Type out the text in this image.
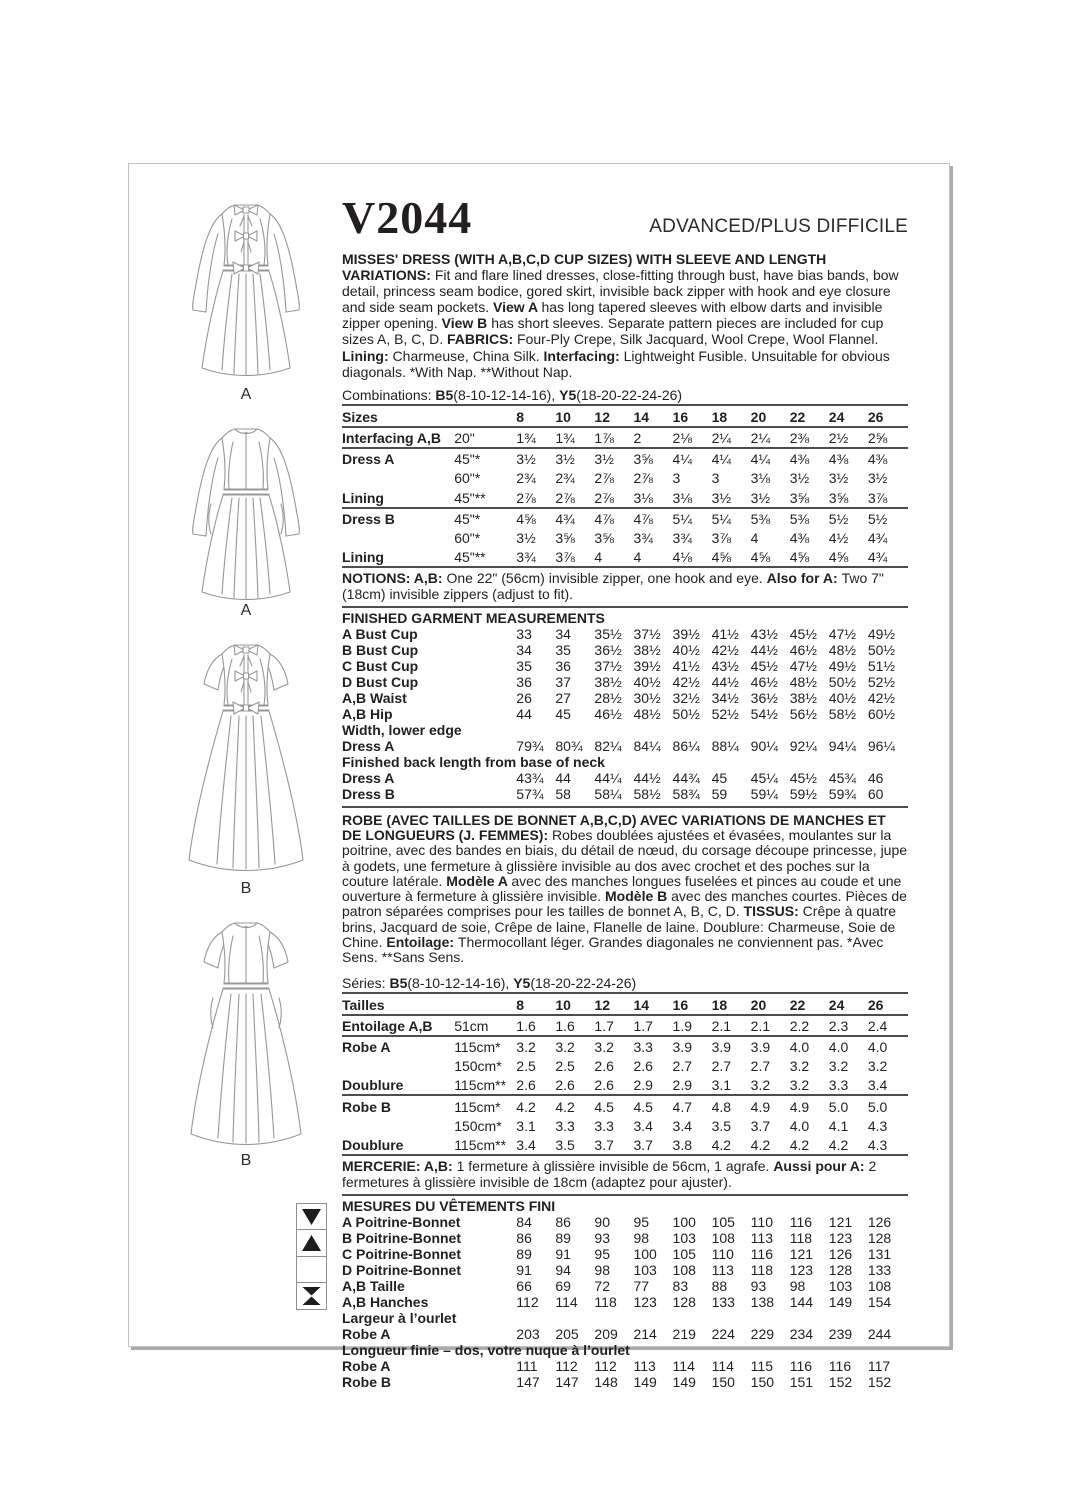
A
A
B
B
V2044	ADVANCED/PLUS DIFFICILE

MISSES' DRESS (WITH A,B,C,D CUP SIZES) WITH SLEEVE AND LENGTH VARIATIONS: Fit and flare lined dresses, close-fitting through bust, have bias bands, bow detail, princess seam bodice, gored skirt, invisible back zipper with hook and eye closure and side seam pockets. View A has long tapered sleeves with elbow darts and invisible zipper opening. View B has short sleeves. Separate pattern pieces are included for cup sizes A, B, C, D. FABRICS: Four-Ply Crepe, Silk Jacquard, Wool Crepe, Wool Flannel. Lining: Charmeuse, China Silk. Interfacing: Lightweight Fusible. Unsuitable for obvious diagonals. *With Nap. **Without Nap.

Combinations: B5(8-10-12-14-16), Y5(18-20-22-24-26)

Sizes		8	10	12	14	16	18	20	22	24	26
Interfacing A,B	20"	1¾	1¾	1⅞	2	2⅛	2¼	2¼	2⅜	2½	2⅝
Dress A	45"*	3½	3½	3½	3⅝	4¼	4¼	4¼	4⅜	4⅜	4⅜
	60"*	2¾	2¾	2⅞	2⅞	3	3	3⅛	3½	3½	3½
Lining	45"**	2⅞	2⅞	2⅞	3⅛	3⅛	3½	3½	3⅝	3⅝	3⅞
Dress B	45"*	4⅝	4¾	4⅞	4⅞	5¼	5¼	5⅜	5⅜	5½	5½
	60"*	3½	3⅝	3⅝	3¾	3¾	3⅞	4	4⅜	4½	4¾
Lining	45"**	3¾	3⅞	4	4	4⅛	4⅝	4⅝	4⅝	4⅝	4¾

NOTIONS: A,B: One 22" (56cm) invisible zipper, one hook and eye. Also for A: Two 7" (18cm) invisible zippers (adjust to fit).

FINISHED GARMENT MEASUREMENTS
A Bust Cup	33	34	35½	37½	39½	41½	43½	45½	47½	49½
B Bust Cup	34	35	36½	38½	40½	42½	44½	46½	48½	50½
C Bust Cup	35	36	37½	39½	41½	43½	45½	47½	49½	51½
D Bust Cup	36	37	38½	40½	42½	44½	46½	48½	50½	52½
A,B Waist	26	27	28½	30½	32½	34½	36½	38½	40½	42½
A,B Hip	44	45	46½	48½	50½	52½	54½	56½	58½	60½
Width, lower edge										
Dress A	79¾	80¾	82¼	84¼	86¼	88¼	90¼	92¼	94¼	96¼
Finished back length from base of neck										
Dress A	43¾	44	44¼	44½	44¾	45	45¼	45½	45¾	46
Dress B	57¾	58	58¼	58½	58¾	59	59¼	59½	59¾	60

ROBE (AVEC TAILLES DE BONNET A,B,C,D) AVEC VARIATIONS DE MANCHES ET DE LONGUEURS (J. FEMMES): Robes doublées ajustées et évasées, moulantes sur la poitrine, avec des bandes en biais, du détail de nœud, du corsage découpe princesse, jupe à godets, une fermeture à glissière invisible au dos avec crochet et des poches sur la couture latérale. Modèle A avec des manches longues fuselées et pinces au coude et une ouverture à fermeture à glissière invisible. Modèle B avec des manches courtes. Pièces de patron séparées comprises pour les tailles de bonnet A, B, C, D. TISSUS: Crêpe à quatre brins, Jacquard de soie, Crêpe de laine, Flanelle de laine. Doublure: Charmeuse, Soie de Chine. Entoilage: Thermocollant léger. Grandes diagonales ne conviennent pas. *Avec Sens. **Sans Sens.

Séries: B5(8-10-12-14-16), Y5(18-20-22-24-26)

Tailles		8	10	12	14	16	18	20	22	24	26
Entoilage A,B	51cm	1.6	1.6	1.7	1.7	1.9	2.1	2.1	2.2	2.3	2.4
Robe A	115cm*	3.2	3.2	3.2	3.3	3.9	3.9	3.9	4.0	4.0	4.0
	150cm*	2.5	2.5	2.6	2.6	2.7	2.7	2.7	3.2	3.2	3.2
Doublure	115cm**	2.6	2.6	2.6	2.9	2.9	3.1	3.2	3.2	3.3	3.4
Robe B	115cm*	4.2	4.2	4.5	4.5	4.7	4.8	4.9	4.9	5.0	5.0
	150cm*	3.1	3.3	3.3	3.4	3.4	3.5	3.7	4.0	4.1	4.3
Doublure	115cm**	3.4	3.5	3.7	3.7	3.8	4.2	4.2	4.2	4.2	4.3

MERCERIE: A,B: 1 fermeture à glissière invisible de 56cm, 1 agrafe. Aussi pour A: 2 fermetures à glissière invisible de 18cm (adaptez pour ajuster).

MESURES DU VÊTEMENTS FINI
A Poitrine-Bonnet	84	86	90	95	100	105	110	116	121	126
B Poitrine-Bonnet	86	89	93	98	103	108	113	118	123	128
C Poitrine-Bonnet	89	91	95	100	105	110	116	121	126	131
D Poitrine-Bonnet	91	94	98	103	108	113	118	123	128	133
A,B Taille	66	69	72	77	83	88	93	98	103	108
A,B Hanches	112	114	118	123	128	133	138	144	149	154
Largeur à l’ourlet										
Robe A	203	205	209	214	219	224	229	234	239	244
Longueur finie – dos, votre nuque à l’ourlet										
Robe A	111	112	112	113	114	114	115	116	116	117
Robe B	147	147	148	149	149	150	150	151	152	152
